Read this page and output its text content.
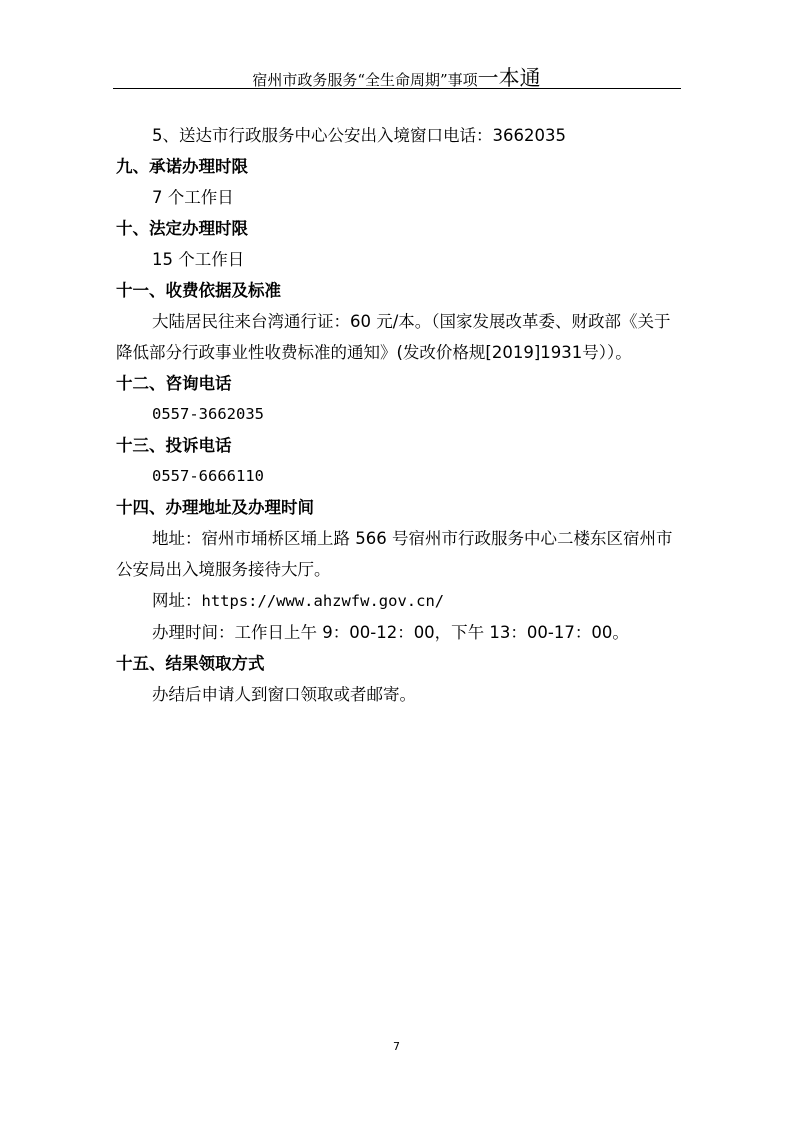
宿州市政务服务“全生命周期”事项一本通
5、送达市行政服务中心公安出入境窗口电话：3662035
九、承诺办理时限
7 个工作日
十、法定办理时限
15 个工作日
十一、收费依据及标准
大陆居民往来台湾通行证：60 元/本。（国家发展改革委、财政部《关于降低部分行政事业性收费标准的通知》(发改价格规[2019]1931号））。
十二、咨询电话
0557-3662035
十三、投诉电话
0557-6666110
十四、办理地址及办理时间
地址：宿州市埇桥区埇上路 566 号宿州市行政服务中心二楼东区宿州市公安局出入境服务接待大厅。
网址：https://www.ahzwfw.gov.cn/
办理时间：工作日上午 9：00-12：00，下午 13：00-17：00。
十五、结果领取方式
办结后申请人到窗口领取或者邮寄。
7
